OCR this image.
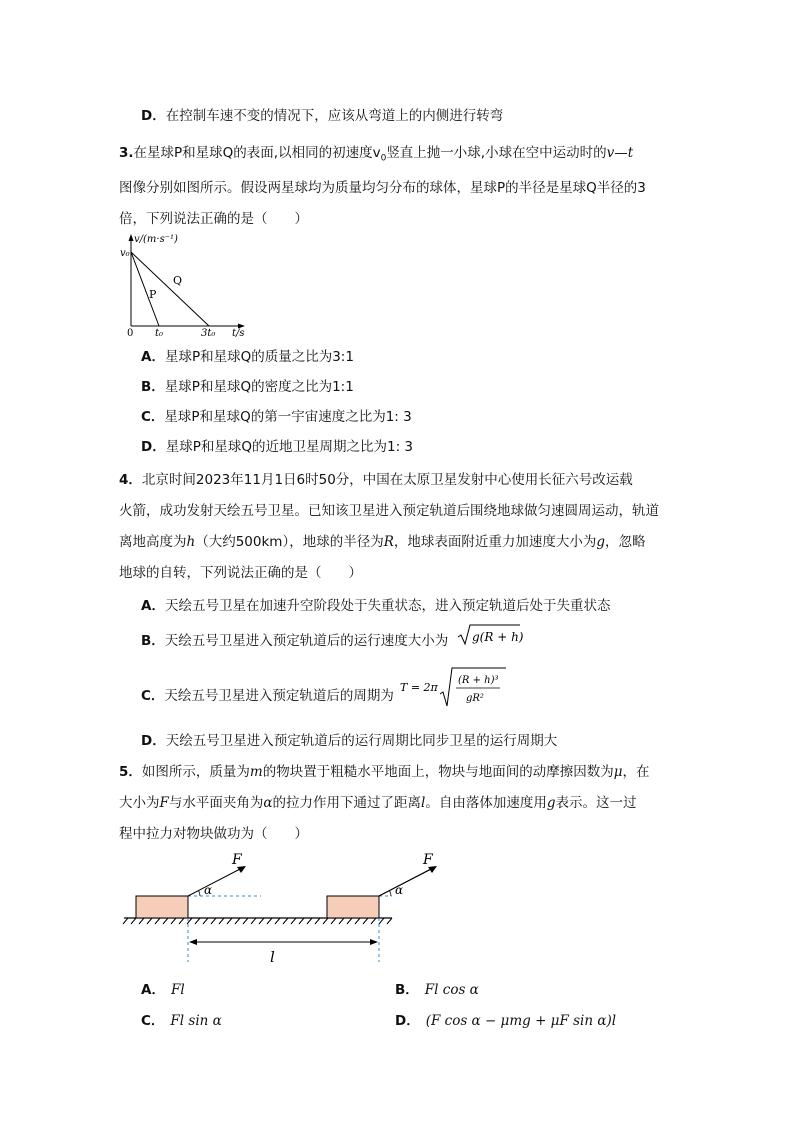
D．在控制车速不变的情况下，应该从弯道上的内侧进行转弯
3.在星球P和星球Q的表面,以相同的初速度$v_0$竖直上抛一小球,小球在空中运动时的v—t
图像分别如图所示。假设两星球均为质量均匀分布的球体，星球P的半径是星球Q半径的3
倍，下列说法正确的是（　　）
v/(m·s⁻¹)
v₀
P
Q
0 t₀	3t₀ t/s
A．星球P和星球Q的质量之比为3:1
B．星球P和星球Q的密度之比为1:1
C．星球P和星球Q的第一宇宙速度之比为1: 3
D．星球P和星球Q的近地卫星周期之比为1: 3
4．北京时间2023年11月1日6时50分，中国在太原卫星发射中心使用长征六号改运载
火箭，成功发射天绘五号卫星。已知该卫星进入预定轨道后围绕地球做匀速圆周运动，轨道
离地高度为h（大约500km），地球的半径为R，地球表面附近重力加速度大小为g，忽略
地球的自转，下列说法正确的是（　　）
A．天绘五号卫星在加速升空阶段处于失重状态，进入预定轨道后处于失重状态
B．天绘五号卫星进入预定轨道后的运行速度大小为 g(R + h)
C．天绘五号卫星进入预定轨道后的周期为
T = 2π
(R + h)³
gR²
D．天绘五号卫星进入预定轨道后的运行周期比同步卫星的运行周期大
5．如图所示，质量为m的物块置于粗糙水平地面上，物块与地面间的动摩擦因数为μ，在
大小为F与水平面夹角为α的拉力作用下通过了距离l。自由落体加速度用g表示。这一过
程中拉力对物块做功为（　　）
F
α	α
l
F
A． Fl	B． Fl cos α
C． Fl sin α	D． (F cos α − μmg + μF sin α)l
